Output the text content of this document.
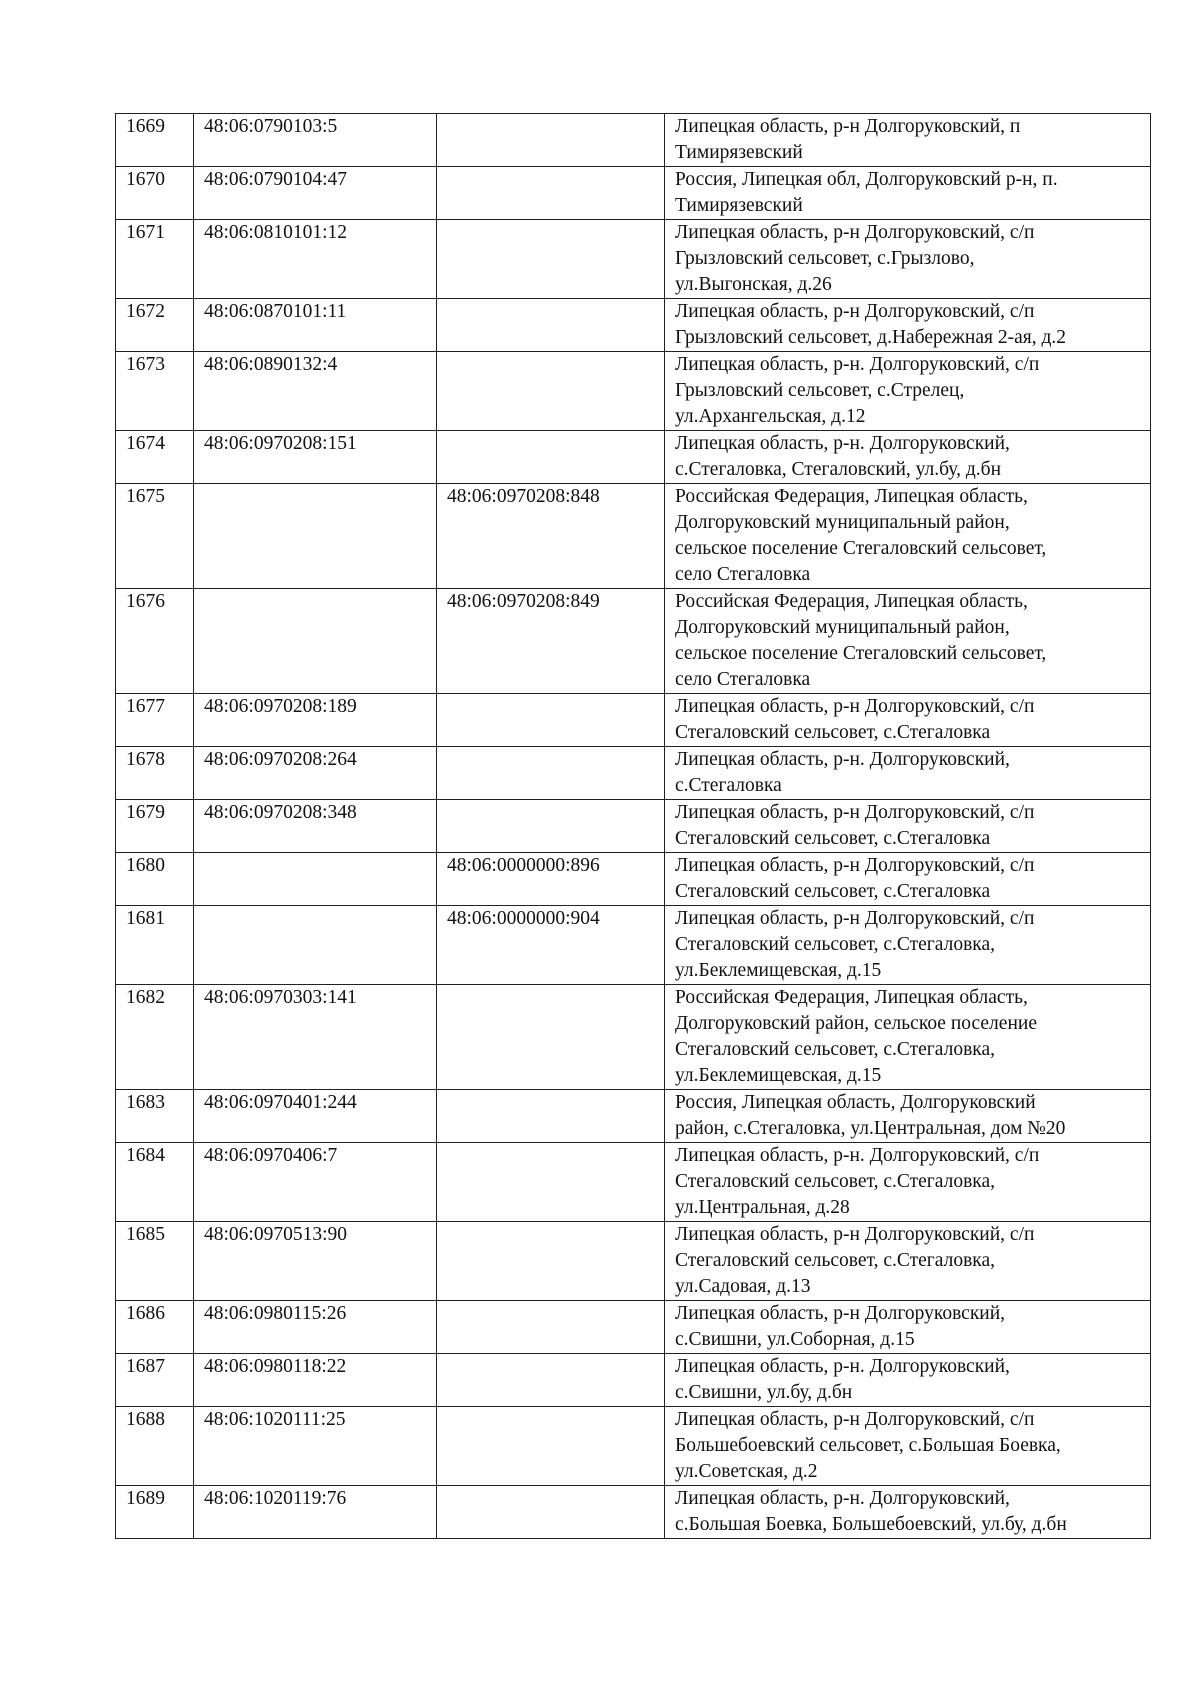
1669	48:06:0790103:5		Липецкая область, р-н Долгоруковский, п
Тимирязевский
1670	48:06:0790104:47		Россия, Липецкая обл, Долгоруковский р-н, п.
Тимирязевский
1671	48:06:0810101:12		Липецкая область, р-н Долгоруковский, с/п
Грызловский сельсовет, с.Грызлово,
ул.Выгонская, д.26
1672	48:06:0870101:11		Липецкая область, р-н Долгоруковский, с/п
Грызловский сельсовет, д.Набережная 2-ая, д.2
1673	48:06:0890132:4		Липецкая область, р-н. Долгоруковский, с/п
Грызловский сельсовет, с.Стрелец,
ул.Архангельская, д.12
1674	48:06:0970208:151		Липецкая область, р-н. Долгоруковский,
с.Стегаловка, Стегаловский, ул.бу, д.бн
1675		48:06:0970208:848	Российская Федерация, Липецкая область,
Долгоруковский муниципальный район,
сельское поселение Стегаловский сельсовет,
село Стегаловка
1676		48:06:0970208:849	Российская Федерация, Липецкая область,
Долгоруковский муниципальный район,
сельское поселение Стегаловский сельсовет,
село Стегаловка
1677	48:06:0970208:189		Липецкая область, р-н Долгоруковский, с/п
Стегаловский сельсовет, с.Стегаловка
1678	48:06:0970208:264		Липецкая область, р-н. Долгоруковский,
с.Стегаловка
1679	48:06:0970208:348		Липецкая область, р-н Долгоруковский, с/п
Стегаловский сельсовет, с.Стегаловка
1680		48:06:0000000:896	Липецкая область, р-н Долгоруковский, с/п
Стегаловский сельсовет, с.Стегаловка
1681		48:06:0000000:904	Липецкая область, р-н Долгоруковский, с/п
Стегаловский сельсовет, с.Стегаловка,
ул.Беклемищевская, д.15
1682	48:06:0970303:141		Российская Федерация, Липецкая область,
Долгоруковский район, сельское поселение
Стегаловский сельсовет, с.Стегаловка,
ул.Беклемищевская, д.15
1683	48:06:0970401:244		Россия, Липецкая область, Долгоруковский
район, с.Стегаловка, ул.Центральная, дом №20
1684	48:06:0970406:7		Липецкая область, р-н. Долгоруковский, с/п
Стегаловский сельсовет, с.Стегаловка,
ул.Центральная, д.28
1685	48:06:0970513:90		Липецкая область, р-н Долгоруковский, с/п
Стегаловский сельсовет, с.Стегаловка,
ул.Садовая, д.13
1686	48:06:0980115:26		Липецкая область, р-н Долгоруковский,
с.Свишни, ул.Соборная, д.15
1687	48:06:0980118:22		Липецкая область, р-н. Долгоруковский,
с.Свишни, ул.бу, д.бн
1688	48:06:1020111:25		Липецкая область, р-н Долгоруковский, с/п
Большебоевский сельсовет, с.Большая Боевка,
ул.Советская, д.2
1689	48:06:1020119:76		Липецкая область, р-н. Долгоруковский,
с.Большая Боевка, Большебоевский, ул.бу, д.бн
